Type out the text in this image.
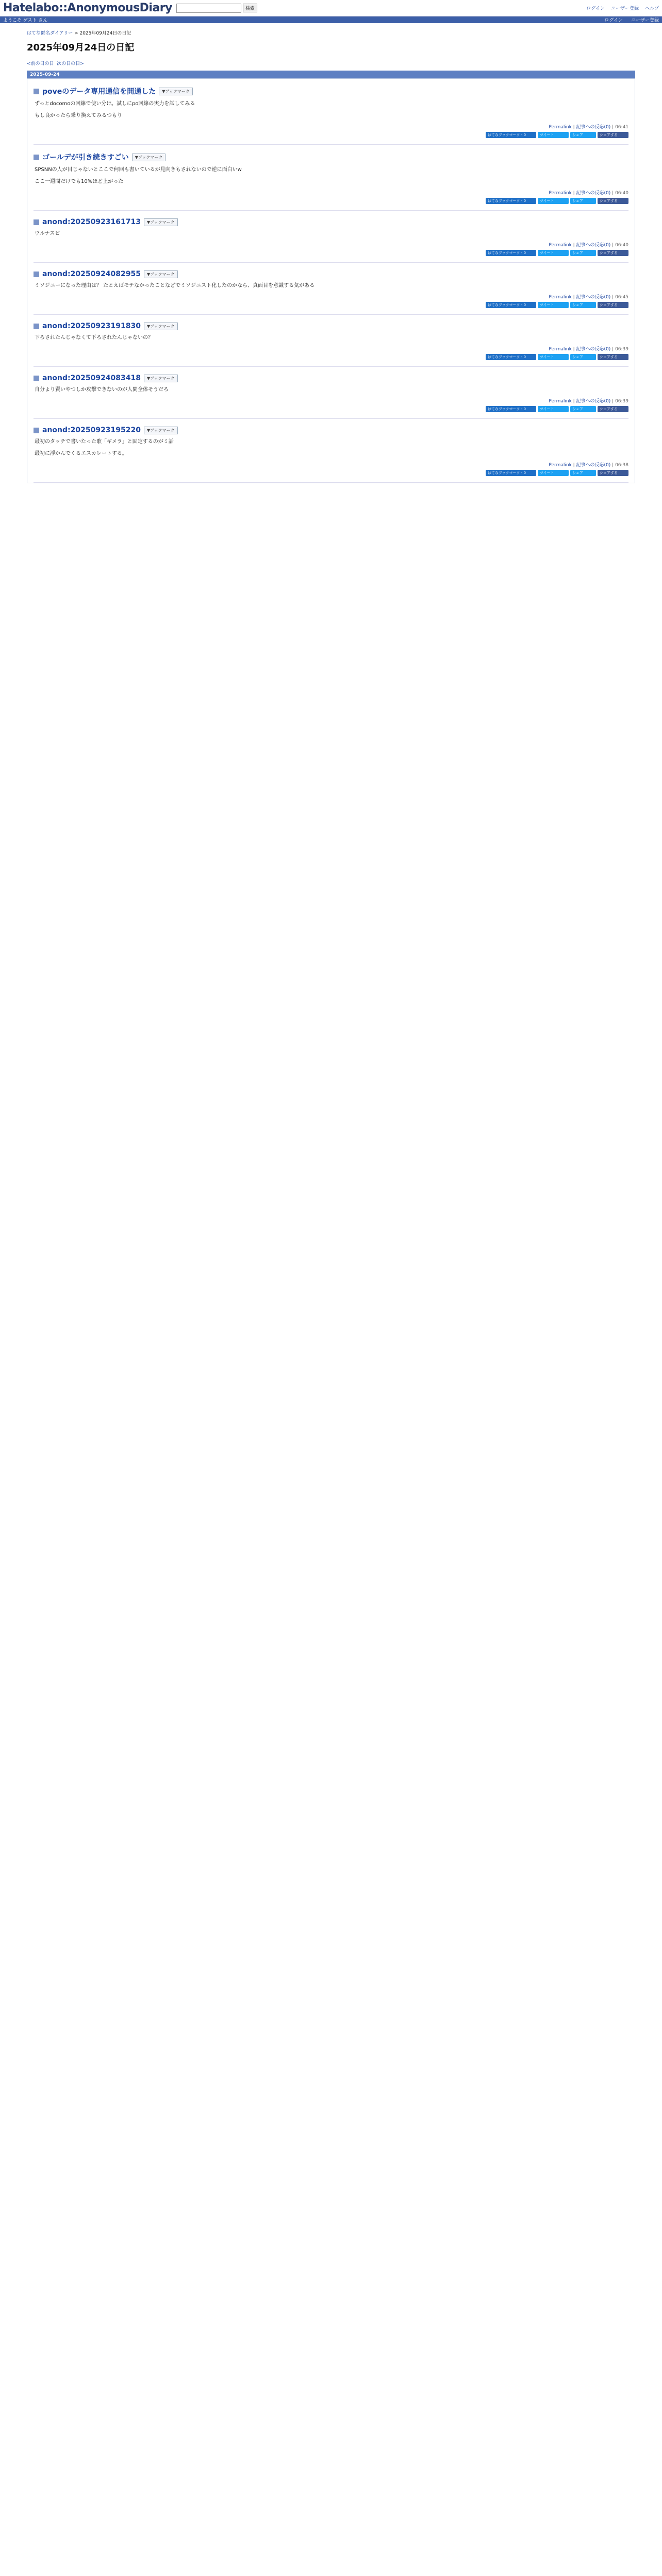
Hatelabo::AnonymousDiary	検索	ログイン ユーザー登録 ヘルプ
ようこそ ゲスト さん	ログイン ユーザー登録
はてな匿名ダイアリー > 2025年09月24日の日記
2025年09月24日の日記
<前の日の日 次の日の日>
2025-09-24
poveのデータ専用通信を開通した	▼ブックマーク

ずっとdocomoの回線で使い分け。試しにpo回線の実力を試してみる

もし良かったら乗り換えてみるつもり

Permalink | 記事への反応(0) | 06:41
はてなブックマーク - 0	ツイート	シェア	シェアする
ゴールデが引き続きすごい	▼ブックマーク

SPSNNの人が目じゃないとここで何回も書いているが見向きもされないので逆に面白いw

ここ一週間だけでも10%ほど上がった

Permalink | 記事への反応(0) | 06:40
はてなブックマーク - 0	ツイート	シェア	シェアする
anond:20250923161713	▼ブックマーク

ウルナスビ

Permalink | 記事への反応(0) | 06:40
はてなブックマーク - 0	ツイート	シェア	シェアする
anond:20250924082955	▼ブックマーク

ミソジニーになった理由は？ たとえばモテなかったことなどでミソジニスト化したのかなら、真面目を意識する気がある

Permalink | 記事への反応(0) | 06:45
はてなブックマーク - 0	ツイート	シェア	シェアする
anond:20250923191830	▼ブックマーク

下ろされたんじゃなくて下ろされたんじゃないの？

Permalink | 記事への反応(0) | 06:39
はてなブックマーク - 0	ツイート	シェア	シェアする
anond:20250924083418	▼ブックマーク

自分より賢いやつしか攻撃できないのが人間全体そうだろ

Permalink | 記事への反応(0) | 06:39
はてなブックマーク - 0	ツイート	シェア	シェアする
anond:20250923195220	▼ブックマーク

最初のタッチで書いたった歌「ギメラ」と固定するのがミ話

最初に浮かんでくるエスカレートする。

Permalink | 記事への反応(0) | 06:38
はてなブックマーク - 0	ツイート	シェア	シェアする
